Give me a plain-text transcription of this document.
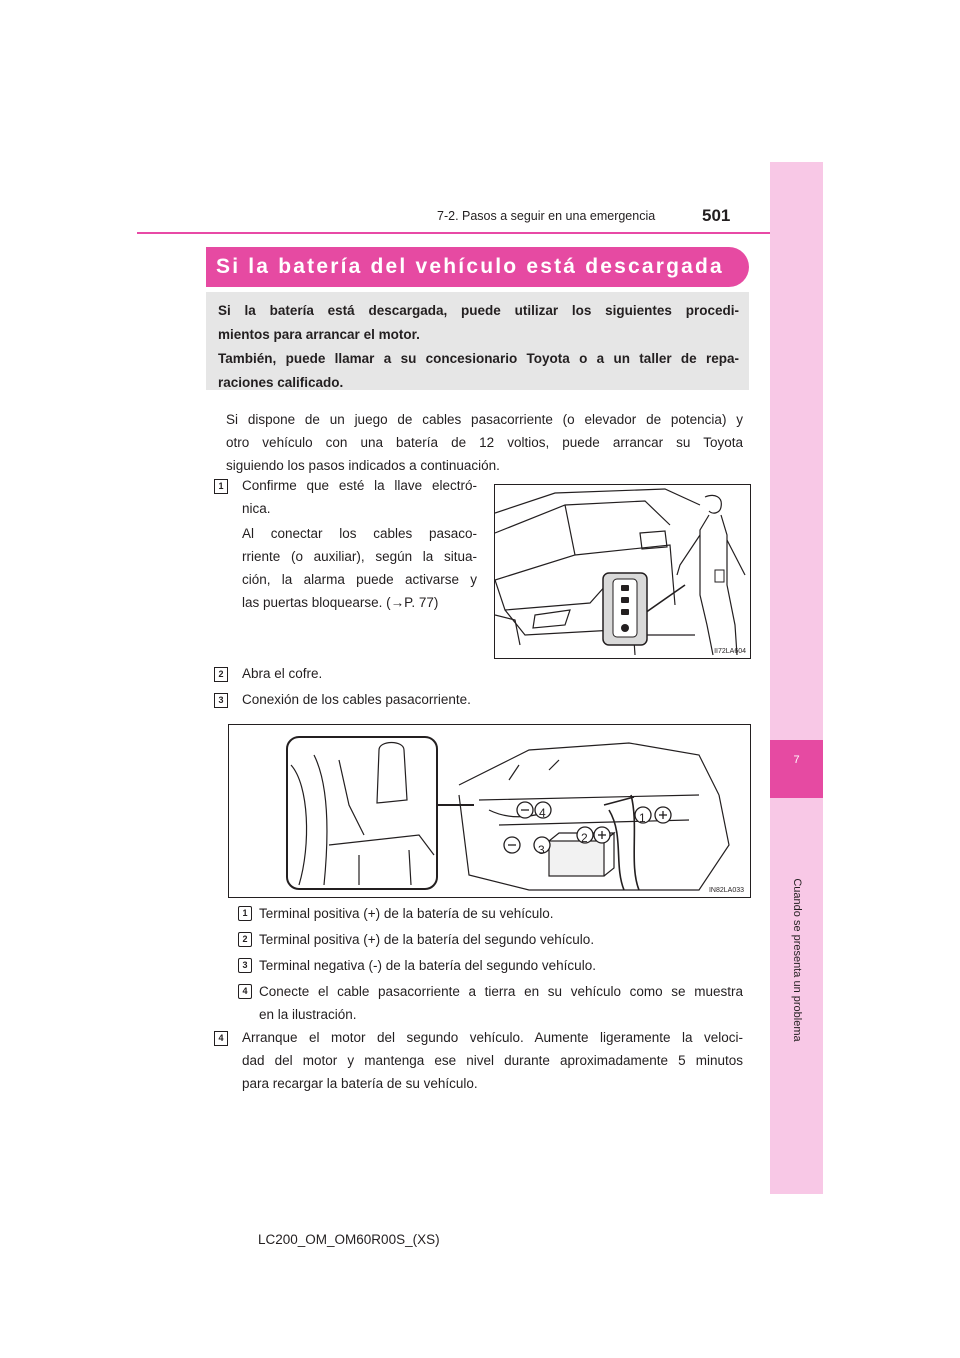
7-2. Pasos a seguir en una emergencia	501
7
Cuando se presenta un problema
Si la batería del vehículo está descargada

Si la batería está descargada, puede utilizar los siguientes procedi-

mientos para arrancar el motor.

También, puede llamar a su concesionario Toyota o a un taller de repa-

raciones calificado.

Si dispone de un juego de cables pasacorriente (o elevador de potencia) y
otro vehículo con una batería de 12 voltios, puede arrancar su Toyota
siguiendo los pasos indicados a continuación.
1	Confirme que esté la llave electró-
nica.
Al conectar los cables pasaco-
rriente (o auxiliar), según la situa-
ción, la alarma puede activarse y
las puertas bloquearse. (→P. 77)
II72LA604
2	Abra el cofre.
3	Conexión de los cables pasacorriente.
IN82LA033
3
2
4	1
1 Terminal positiva (+) de la batería de su vehículo.
2 Terminal positiva (+) de la batería del segundo vehículo.
3 Terminal negativa (-) de la batería del segundo vehículo.
4 Conecte el cable pasacorriente a tierra en su vehículo como se muestra
en la ilustración.
4	Arranque el motor del segundo vehículo. Aumente ligeramente la veloci-
dad del motor y mantenga ese nivel durante aproximadamente 5 minutos
para recargar la batería de su vehículo.
LC200_OM_OM60R00S_(XS)
